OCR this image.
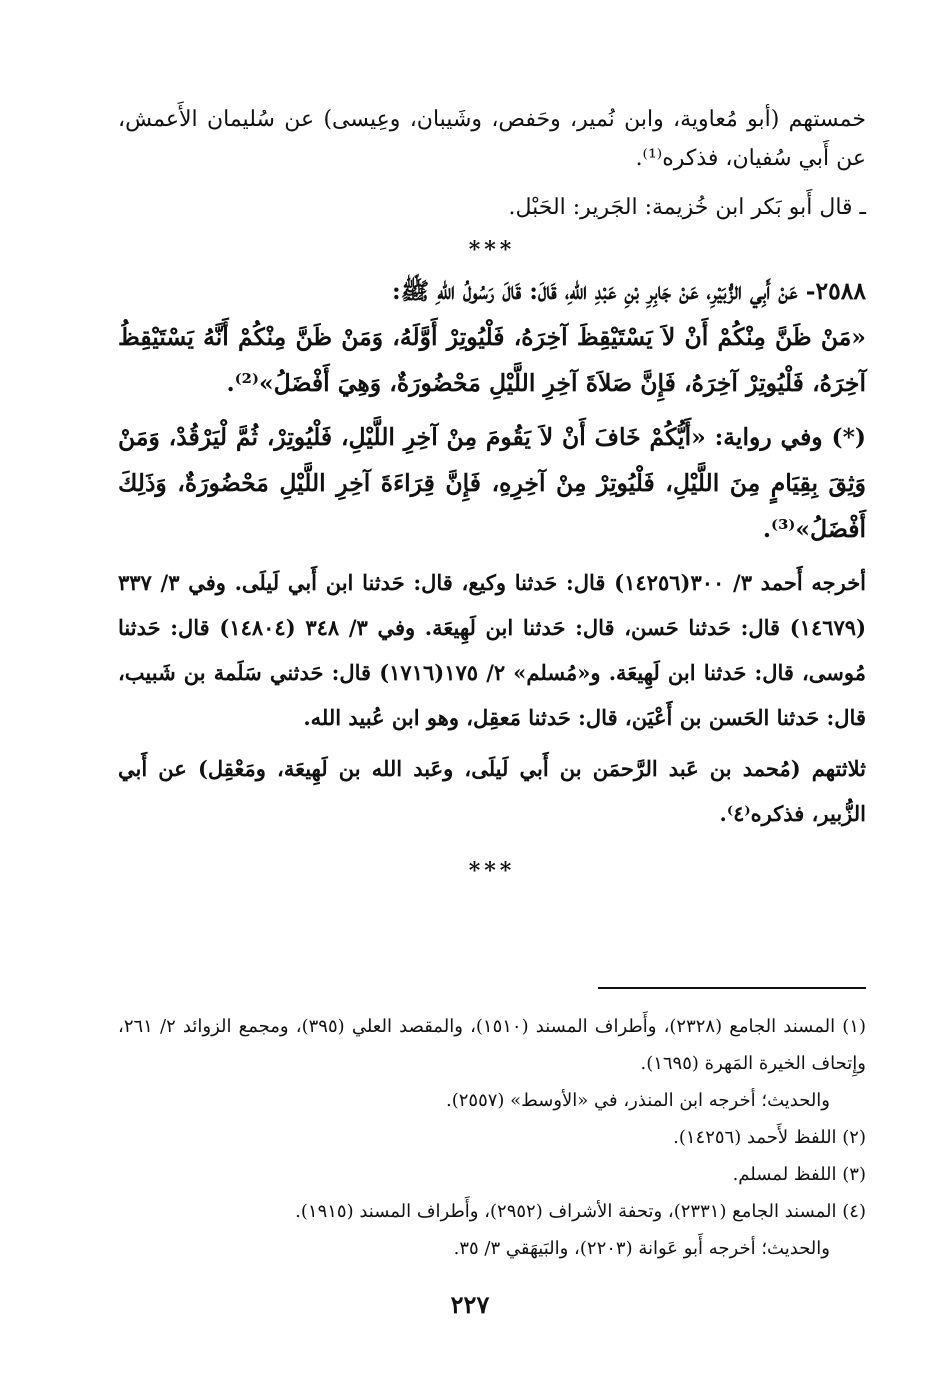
خمستهم (أبو مُعاوية، وابن نُمير، وحَفص، وشَيبان، وعِيسى) عن سُليمان الأَعمش، عن أَبي سُفيان، فذكره⁽¹⁾.

ـ قال أَبو بَكر ابن خُزيمة: الجَرير: الحَبْل.

***

٢٥٨٨- عَنْ أَبِي الزُّبَيْرِ، عَنْ جَابِرِ بْنِ عَبْدِ اللهِ، قَالَ: قَالَ رَسُولُ اللهِ ﷺ:

«مَنْ ظَنَّ مِنْكُمْ أَنْ لاَ يَسْتَيْقِظَ آخِرَهُ، فَلْيُوتِرْ أَوَّلَهُ، وَمَنْ ظَنَّ مِنْكُمْ أَنَّهُ يَسْتَيْقِظُ آخِرَهُ، فَلْيُوتِرْ آخِرَهُ، فَإِنَّ صَلاَةَ آخِرِ اللَّيْلِ مَحْضُورَةٌ، وَهِيَ أَفْضَلُ»⁽²⁾.

(*) وفي رواية: «أَيُّكُمْ خَافَ أَنْ لاَ يَقُومَ مِنْ آخِرِ اللَّيْلِ، فَلْيُوتِرْ، ثُمَّ لْيَرْقُدْ، وَمَنْ وَثِقَ بِقِيَامٍ مِنَ اللَّيْلِ، فَلْيُوتِرْ مِنْ آخِرِهِ، فَإِنَّ قِرَاءَةَ آخِرِ اللَّيْلِ مَحْضُورَةٌ، وَذَلِكَ أَفْضَلُ»⁽³⁾.

أخرجه أَحمد ٣/ ٣٠٠(١٤٢٥٦) قال: حَدثنا وكيع، قال: حَدثنا ابن أَبي لَيلَى. وفي ٣/ ٣٣٧ (١٤٦٧٩) قال: حَدثنا حَسن، قال: حَدثنا ابن لَهِيعَة. وفي ٣/ ٣٤٨ (١٤٨٠٤) قال: حَدثنا مُوسى، قال: حَدثنا ابن لَهِيعَة. و«مُسلم» ٢/ ١٧٥(١٧١٦) قال: حَدثني سَلَمة بن شَبيب، قال: حَدثنا الحَسن بن أَعْيَن، قال: حَدثنا مَعقِل، وهو ابن عُبيد الله.

ثلاثتهم (مُحمد بن عَبد الرَّحمَن بن أَبي لَيلَى، وعَبد الله بن لَهِيعَة، ومَعْقِل) عن أَبي الزُّبير، فذكره⁽٤⁾.

***

(١) المسند الجامع (٢٣٢٨)، وأَطراف المسند (١٥١٠)، والمقصد العلي (٣٩٥)، ومجمع الزوائد ٢/ ٢٦١، وإِتحاف الخيرة المَهرة (١٦٩٥).

والحديث؛ أخرجه ابن المنذر، في «الأوسط» (٢٥٥٧).

(٢) اللفظ لأَحمد (١٤٢٥٦).

(٣) اللفظ لمسلم.

(٤) المسند الجامع (٢٣٣١)، وتحفة الأشراف (٢٩٥٢)، وأَطراف المسند (١٩١٥).

والحديث؛ أخرجه أَبو عَوانة (٢٢٠٣)، والبَيهَقي ٣/ ٣٥.

٢٢٧
